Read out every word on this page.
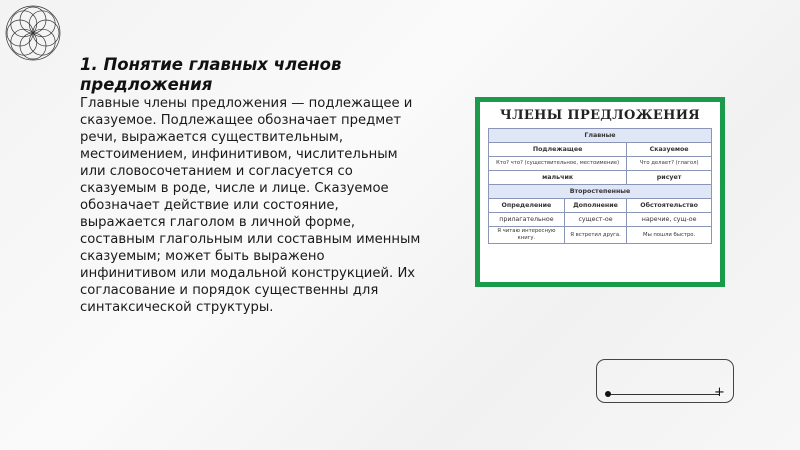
1. Понятие главных членов предложения

Главные члены предложения — подлежащее и сказуемое. Подлежащее обозначает предмет речи, выражается существительным, местоимением, инфинитивом, числительным или словосочетанием и согласуется со сказуемым в роде, числе и лице. Сказуемое обозначает действие или состояние, выражается глаголом в личной форме, составным глагольным или составным именным сказуемым; может быть выражено инфинитивом или модальной конструкцией. Их согласование и порядок существенны для синтаксической структуры.

ЧЛЕНЫ ПРЕДЛОЖЕНИЯ
Главные		
Подлежащее		Сказуемое
Кто? что? (существительное, местоимение)		Что делает? (глагол)
мальчик		рисует
Второстепенные		
Определение	Дополнение	Обстоятельство
прилагательное	сущест-ое	наречие, сущ-ое
Я читаю интересную книгу.	Я встретил друга.	Мы пошли быстро.
+
